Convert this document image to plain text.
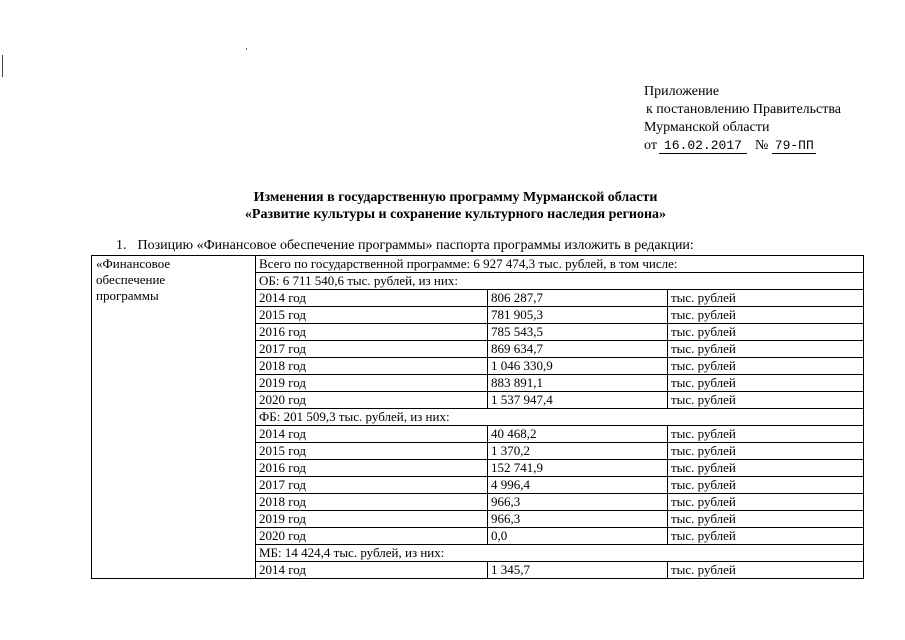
Приложение
к постановлению Правительства
Мурманской области
от 16.02.2017 № 79-ПП
Изменения в государственную программу Мурманской области
«Развитие культуры и сохранение культурного наследия региона»
1. Позицию «Финансовое обеспечение программы» паспорта программы изложить в редакции:
«Финансовое
обеспечение
программы	Всего по государственной программе: 6 927 474,3 тыс. рублей, в том числе:		
	ОБ: 6 711 540,6 тыс. рублей, из них:		
	2014 год	806 287,7	тыс. рублей
	2015 год	781 905,3	тыс. рублей
	2016 год	785 543,5	тыс. рублей
	2017 год	869 634,7	тыс. рублей
	2018 год	1 046 330,9	тыс. рублей
	2019 год	883 891,1	тыс. рублей
	2020 год	1 537 947,4	тыс. рублей
	ФБ: 201 509,3 тыс. рублей, из них:		
	2014 год	40 468,2	тыс. рублей
	2015 год	1 370,2	тыс. рублей
	2016 год	152 741,9	тыс. рублей
	2017 год	4 996,4	тыс. рублей
	2018 год	966,3	тыс. рублей
	2019 год	966,3	тыс. рублей
	2020 год	0,0	тыс. рублей
	МБ: 14 424,4 тыс. рублей, из них:		
	2014 год	1 345,7	тыс. рублей
